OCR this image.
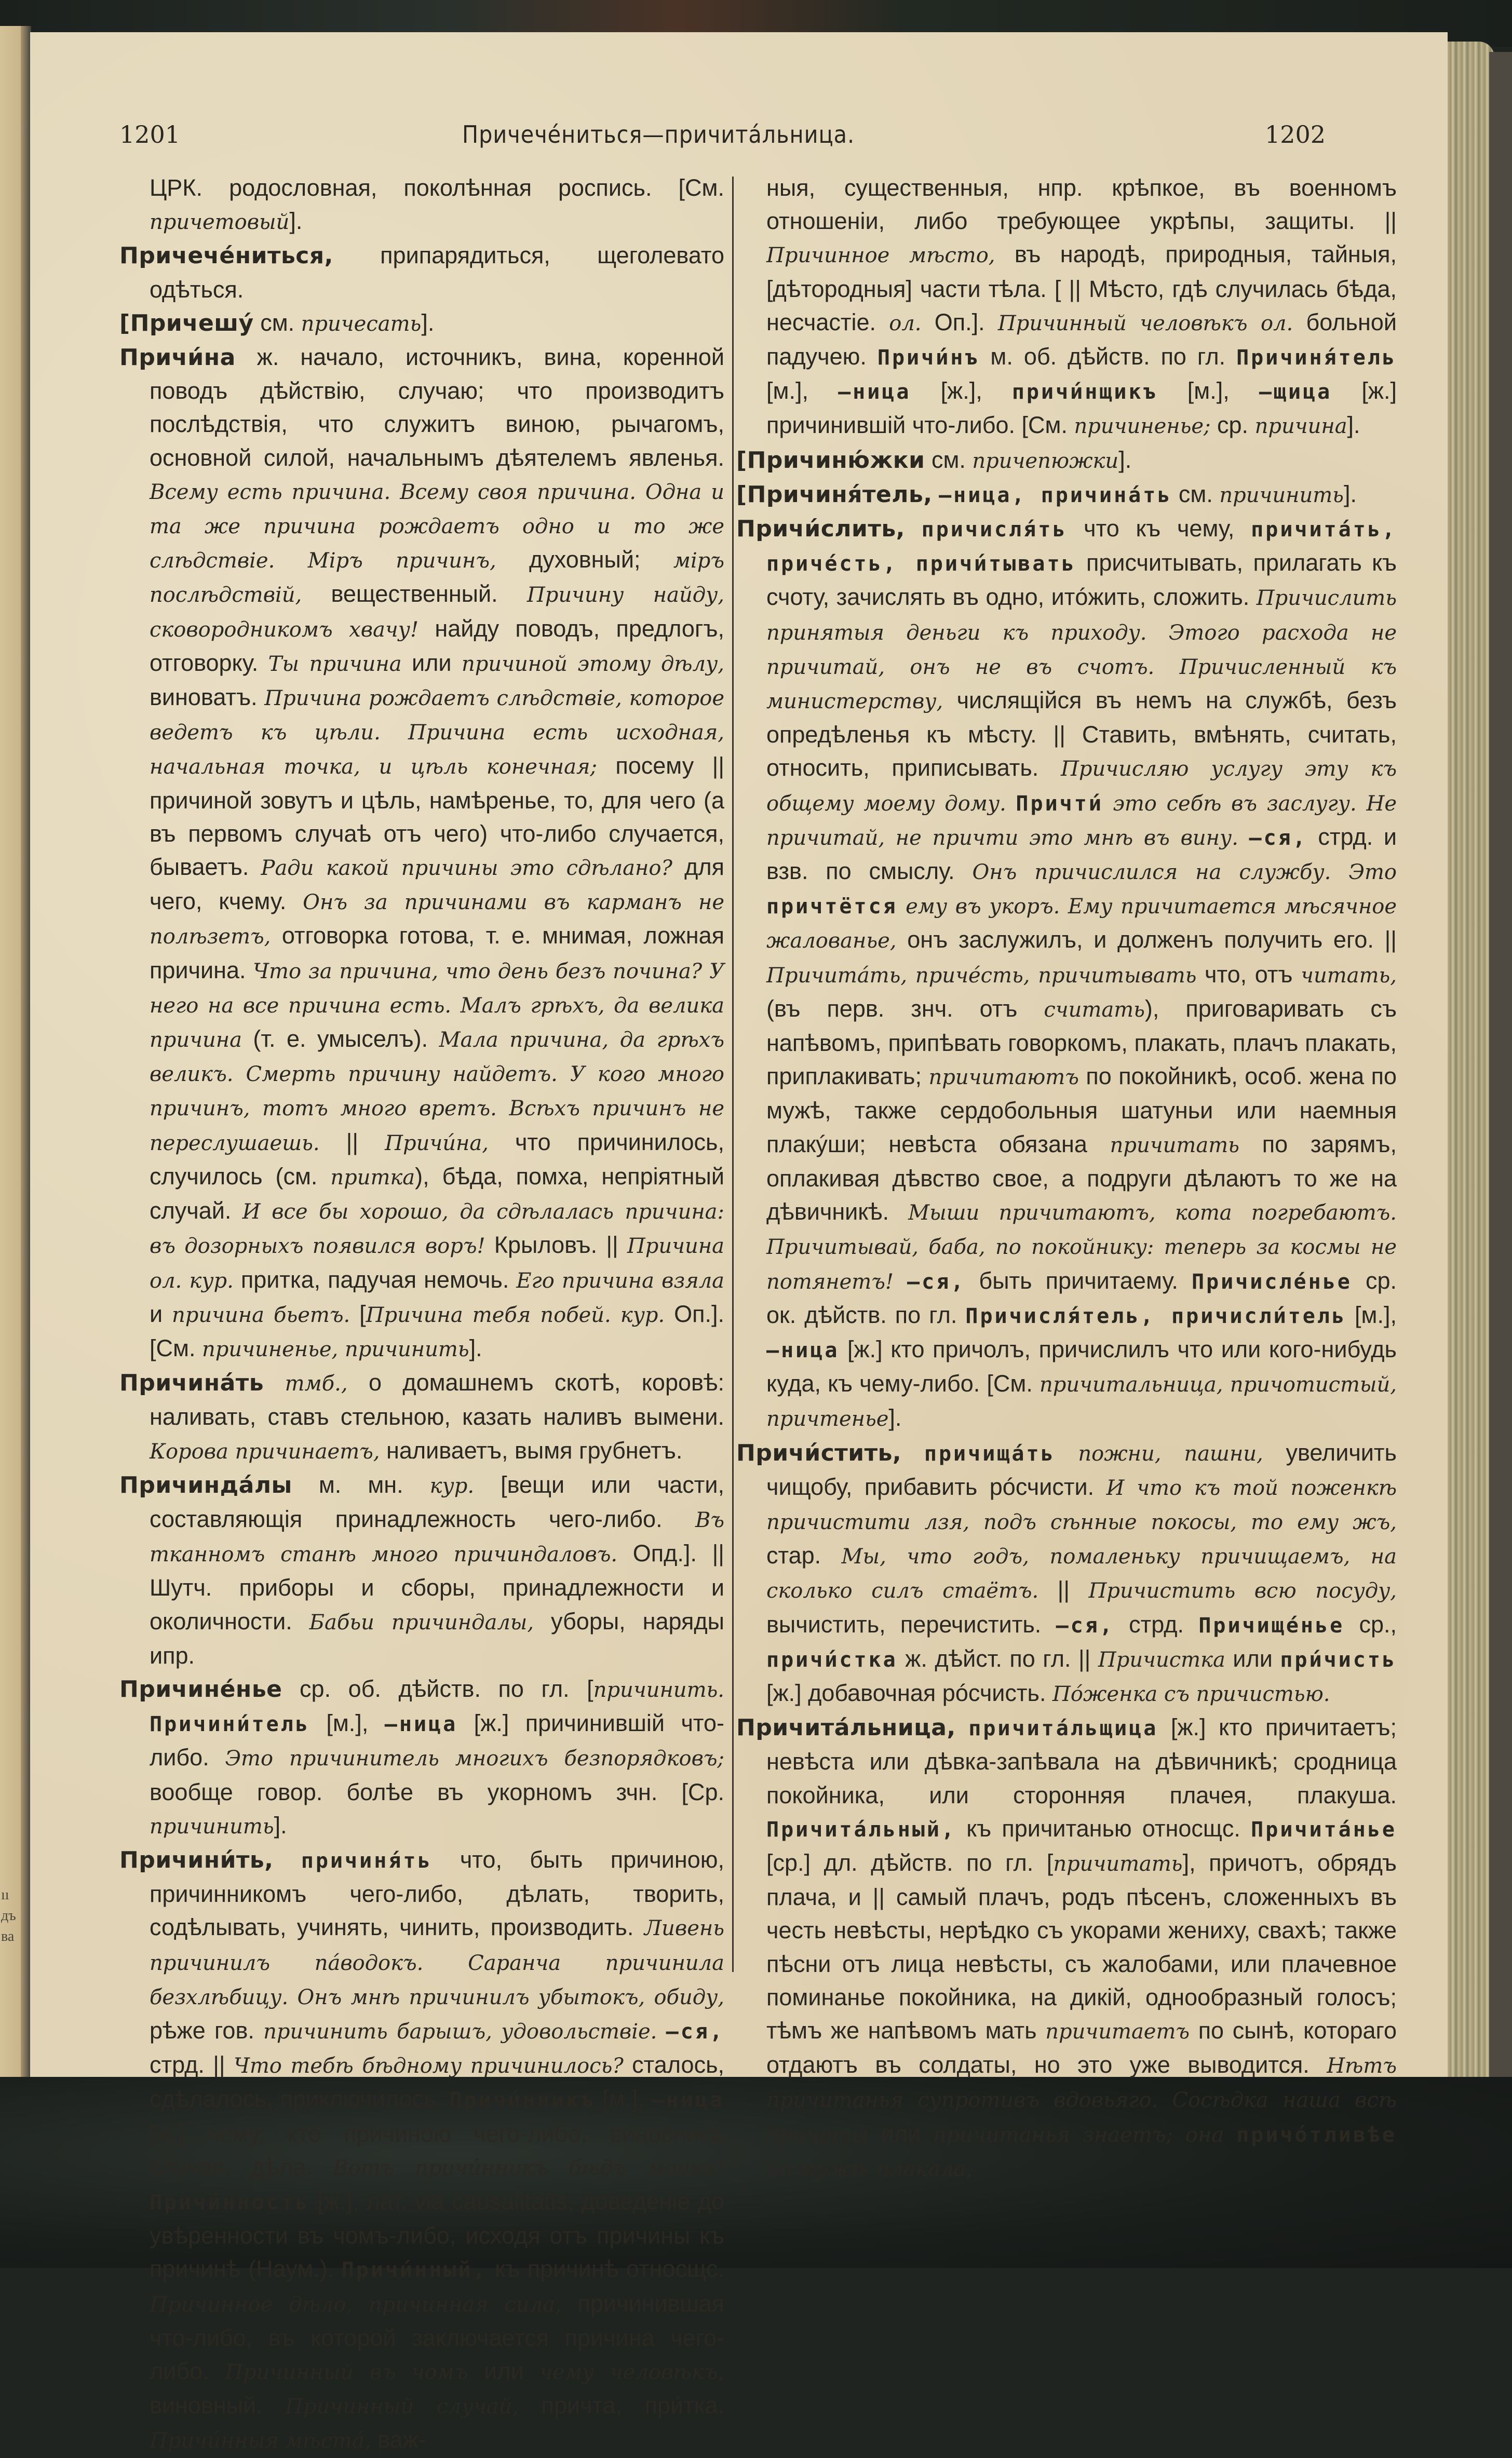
1201	Причечéниться—причитáльница.	1202

ЦРК. родословная, поколѣнная роспись. [См. причетовый].

Причечéниться, припарядиться, щеголевато одѣться.

[Причешý см. причесать].

Причи́на ж. начало, источникъ, вина, коренной поводъ дѣйствію, случаю; что производитъ послѣдствія, что служитъ виною, рычагомъ, основной силой, начальнымъ дѣятелемъ явленья. Всему есть причина. Всему своя причина. Одна и та же причина рождаетъ одно и то же слѣдствіе. Міръ причинъ, духовный; міръ послѣдствій, вещественный. Причину найду, сковородникомъ хвачу! найду поводъ, предлогъ, отговорку. Ты причина или причиной этому дѣлу, виноватъ. Причина рождаетъ слѣдствіе, которое ведетъ къ цѣли. Причина есть исходная, начальная точка, и цѣль конечная; посему || причиной зовутъ и цѣль, намѣренье, то, для чего (а въ первомъ случаѣ отъ чего) что-либо случается, бываетъ. Ради какой причины это сдѣлано? для чего, кчему. Онъ за причинами въ карманъ не полѣзетъ, отговорка готова, т. е. мнимая, ложная причина. Что за причина, что день безъ почина? У него на все причина есть. Малъ грѣхъ, да велика причина (т. е. умыселъ). Мала причина, да грѣхъ великъ. Смерть причину найдетъ. У кого много причинъ, тотъ много вретъ. Всѣхъ причинъ не переслушаешь. || Причи́на, что причинилось, случилось (см. притка), бѣда, помха, непріятный случай. И все бы хорошо, да сдѣлалась причина: въ дозорныхъ появился воръ! Крыловъ. || Причина ол. кур. притка, падучая немочь. Его причина взяла и причина бьетъ. [Причина тебя побей. кур. Оп.]. [См. причиненье, причинить].

Причинáть тмб., о домашнемъ скотѣ, коровѣ: наливать, ставъ стельною, казать наливъ вымени. Корова причинаетъ, наливаетъ, вымя грубнетъ.

Причиндáлы м. мн. кур. [вещи или части, составляющія принадлежность чего-либо. Въ тканномъ станѣ много причиндаловъ. Опд.]. || Шутч. приборы и сборы, принадлежности и околичности. Бабьи причиндалы, уборы, наряды ипр.

Причинéнье ср. об. дѣйств. по гл. [причинить. Причини́тель [м.], —ница [ж.] причинившій что-либо. Это причинитель многихъ безпорядковъ; вообще говор. болѣе въ укорномъ зчн. [Ср. причинить].

Причини́ть, причиня́ть что, быть причиною, причинникомъ чего-либо, дѣлать, творить, содѣлывать, учинять, чинить, производить. Ливень причинилъ пáводокъ. Саранча причинила безхлѣбицу. Онъ мнѣ причинилъ убытокъ, обиду, рѣже гов. причинить барышъ, удовольствіе. —ся, стрд. || Что тебѣ бѣдному причинилось? сталось, сдѣлалось, приключилось. Причи́нникъ [м.], —ница [ж.] чему, кто причиною чего-либо, виновникъ случая, дѣла. Вотъ причи́нникъ бѣдъ моихъ! Причи́нность [ж.], лат. via causalitatis, доведеніе до увѣренности въ чомъ-либо, исходя отъ причины къ причинѣ (Наум.). Причи́нный, къ причинѣ относщс. Причинное дѣло, причинная сила, причинившая что-либо, въ которой заключается причина чего-либо. Причинный въ чомъ или чему человѣкъ, виновный. Причинный случай, причта, при́тка. Причи́нныя мѣстá, важ-

ныя, существенныя, нпр. крѣпкое, въ военномъ отношеніи, либо требующее укрѣпы, защиты. || Причинное мѣсто, въ народѣ, природныя, тайныя, [дѣтородныя] части тѣла. [ || Мѣсто, гдѣ случилась бѣда, несчастіе. ол. Оп.]. Причинный человѣкъ ол. больной падучею. Причи́нъ м. об. дѣйств. по гл. Причиня́тель [м.], —ница [ж.], причи́нщикъ [м.], —щица [ж.] причинившій что-либо. [См. причиненье; ср. причина].

[Причиню́жки см. причеnюжки].

[Причиня́тель, —ница, причинáть см. причинить].

Причи́слить, причисля́ть что къ чему, причитáть, причéсть, причи́тывать присчитывать, прилагать къ счоту, зачислять въ одно, итóжить, сложить. Причислить принятыя деньги къ приходу. Этого расхода не причитай, онъ не въ счотъ. Причисленный къ министерству, числящійся въ немъ на службѣ, безъ опредѣленья къ мѣсту. || Ставить, вмѣнять, считать, относить, приписывать. Причисляю услугу эту къ общему моему дому. Причти́ это себѣ въ заслугу. Не причитай, не причти это мнѣ въ вину. —ся, стрд. и взв. по смыслу. Онъ причислился на службу. Это причтётся ему въ укоръ. Ему причитается мѣсячное жалованье, онъ заслужилъ, и долженъ получить его. || Причитáть, причéсть, причитывать что, отъ читать, (въ перв. знч. отъ считать), приговаривать съ напѣвомъ, припѣвать говоркомъ, плакать, плачъ плакать, приплакивать; причитаютъ по покойникѣ, особ. жена по мужѣ, также сердобольныя шатуньи или наемныя плакýши; невѣста обязана причитать по зарямъ, оплакивая дѣвство свое, а подруги дѣлаютъ то же на дѣвичникѣ. Мыши причитаютъ, кота погребаютъ. Причитывай, баба, по покойнику: теперь за космы не потянетъ! —ся, быть причитаему. Причислéнье ср. ок. дѣйств. по гл. Причисля́тель, причисли́тель [м.], —ница [ж.] кто причолъ, причислилъ что или кого-нибудь куда, къ чему-либо. [См. причитальница, причотистый, причтенье].

Причи́стить, причищáть пожни, пашни, увеличить чищобу, прибавить рóсчисти. И что къ той поженкѣ причистити лзя, подъ сѣнные покосы, то ему жъ, стар. Мы, что годъ, помаленьку причищаемъ, на сколько силъ стаётъ. || Причистить всю посуду, вычистить, перечистить. —ся, стрд. Причищéнье ср., причи́стка ж. дѣйст. по гл. || Причистка или при́чисть [ж.] добавочная рóсчисть. Пóженка съ причистью.

Причитáльница, причитáльщица [ж.] кто причитаетъ; невѣста или дѣвка-запѣвала на дѣвичникѣ; сродница покойника, или сторонняя плачея, плакуша. Причитáльный, къ причитанью относщс. Причитáнье [ср.] дл. дѣйств. по гл. [причитать], причотъ, обрядъ плача, и || самый плачъ, родъ пѣсенъ, сложенныхъ въ честь невѣсты, нерѣдко съ укорами жениху, свахѣ; также пѣсни отъ лица невѣсты, съ жалобами, или плачевное поминанье покойника, на дикій, однообразный голосъ; тѣмъ же напѣвомъ мать причитаетъ по сынѣ, котораго отдаютъ въ солдаты, но это уже выводится. Нѣтъ причитанья супротивъ вдовьяго. Сосѣдка наша всѣ причоты или причитанья знаетъ; она причóтливѣе по мужѣ плакала,

ıı
дъ
ва
